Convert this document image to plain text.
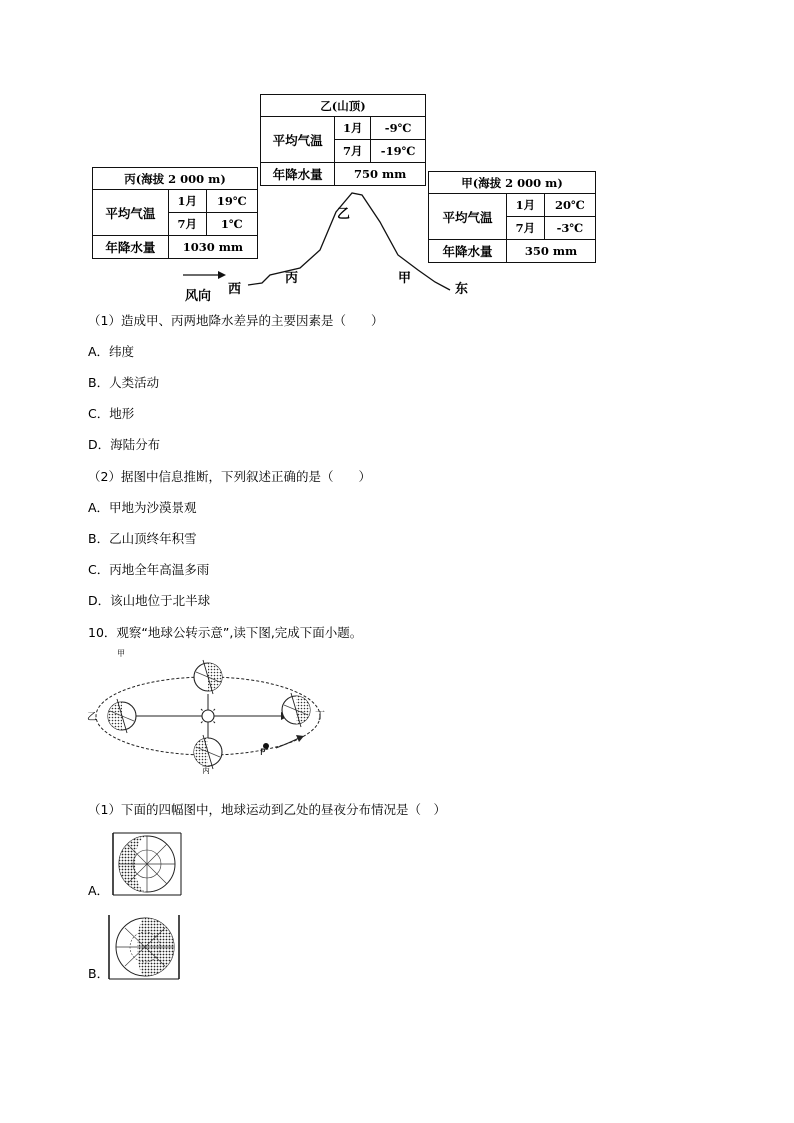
乙(山顶)		
平均气温	1月	-9℃
	7月	-19℃
年降水量	750 mm	
丙(海拔 2 000 m)		
平均气温	1月	19℃
	7月	1℃
年降水量	1030 mm	
甲(海拔 2 000 m)		
平均气温	1月	20℃
	7月	-3℃
年降水量	350 mm	
乙
丙	甲
西	东
风向
（1）造成甲、丙两地降水差异的主要因素是（　　）
A．纬度
B．人类活动
C．地形
D．海陆分布
（2）据图中信息推断，下列叙述正确的是（　　）
A．甲地为沙漠景观
B．乙山顶终年积雪
C．丙地全年高温多雨
D．该山地位于北半球
10．观察“地球公转示意”,读下图,完成下面小题。
甲
乙
丙
丁
P
（1）下面的四幅图中，地球运动到乙处的昼夜分布情况是（　）
A．
B．
